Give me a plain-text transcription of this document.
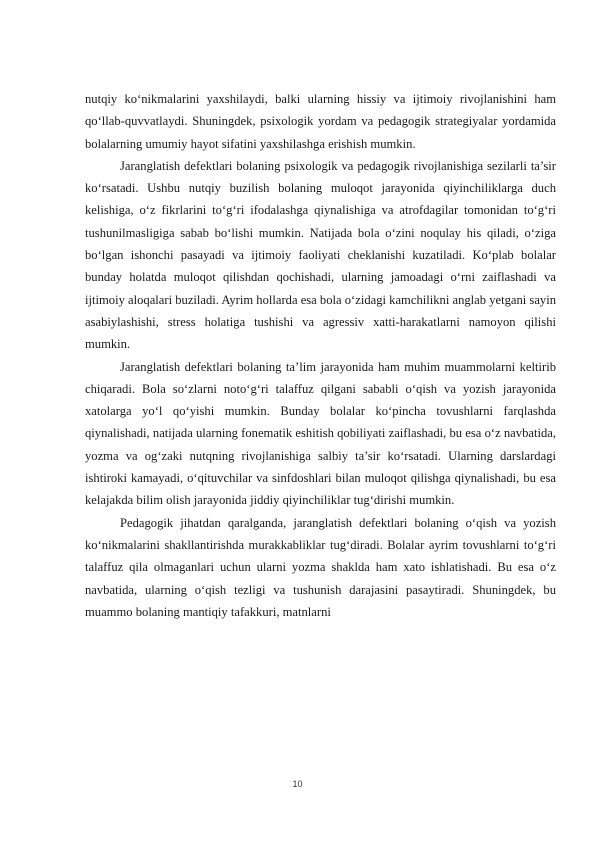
nutqiy ko‘nikmalarini yaxshilaydi, balki ularning hissiy va ijtimoiy rivojlanishini ham qo‘llab-quvvatlaydi. Shuningdek, psixologik yordam va pedagogik strategiyalar yordamida bolalarning umumiy hayot sifatini yaxshilashga erishish mumkin.

Jaranglatish defektlari bolaning psixologik va pedagogik rivojlanishiga sezilarli ta’sir ko‘rsatadi. Ushbu nutqiy buzilish bolaning muloqot jarayonida qiyinchiliklarga duch kelishiga, o‘z fikrlarini to‘g‘ri ifodalashga qiynalishiga va atrofdagilar tomonidan to‘g‘ri tushunilmasligiga sabab bo‘lishi mumkin. Natijada bola o‘zini noqulay his qiladi, o‘ziga bo‘lgan ishonchi pasayadi va ijtimoiy faoliyati cheklanishi kuzatiladi. Ko‘plab bolalar bunday holatda muloqot qilishdan qochishadi, ularning jamoadagi o‘rni zaiflashadi va ijtimoiy aloqalari buziladi. Ayrim hollarda esa bola o‘zidagi kamchilikni anglab yetgani sayin asabiylashishi, stress holatiga tushishi va agressiv xatti-harakatlarni namoyon qilishi mumkin.

Jaranglatish defektlari bolaning ta’lim jarayonida ham muhim muammolarni keltirib chiqaradi. Bola so‘zlarni noto‘g‘ri talaffuz qilgani sababli o‘qish va yozish jarayonida xatolarga yo‘l qo‘yishi mumkin. Bunday bolalar ko‘pincha tovushlarni farqlashda qiynalishadi, natijada ularning fonematik eshitish qobiliyati zaiflashadi, bu esa o‘z navbatida, yozma va og‘zaki nutqning rivojlanishiga salbiy ta’sir ko‘rsatadi. Ularning darslardagi ishtiroki kamayadi, o‘qituvchilar va sinfdoshlari bilan muloqot qilishga qiynalishadi, bu esa kelajakda bilim olish jarayonida jiddiy qiyinchiliklar tug‘dirishi mumkin.

Pedagogik jihatdan qaralganda, jaranglatish defektlari bolaning o‘qish va yozish ko‘nikmalarini shakllantirishda murakkabliklar tug‘diradi. Bolalar ayrim tovushlarni to‘g‘ri talaffuz qila olmaganlari uchun ularni yozma shaklda ham xato ishlatishadi. Bu esa o‘z navbatida, ularning o‘qish tezligi va tushunish darajasini pasaytiradi. Shuningdek, bu muammo bolaning mantiqiy tafakkuri, matnlarni

10
